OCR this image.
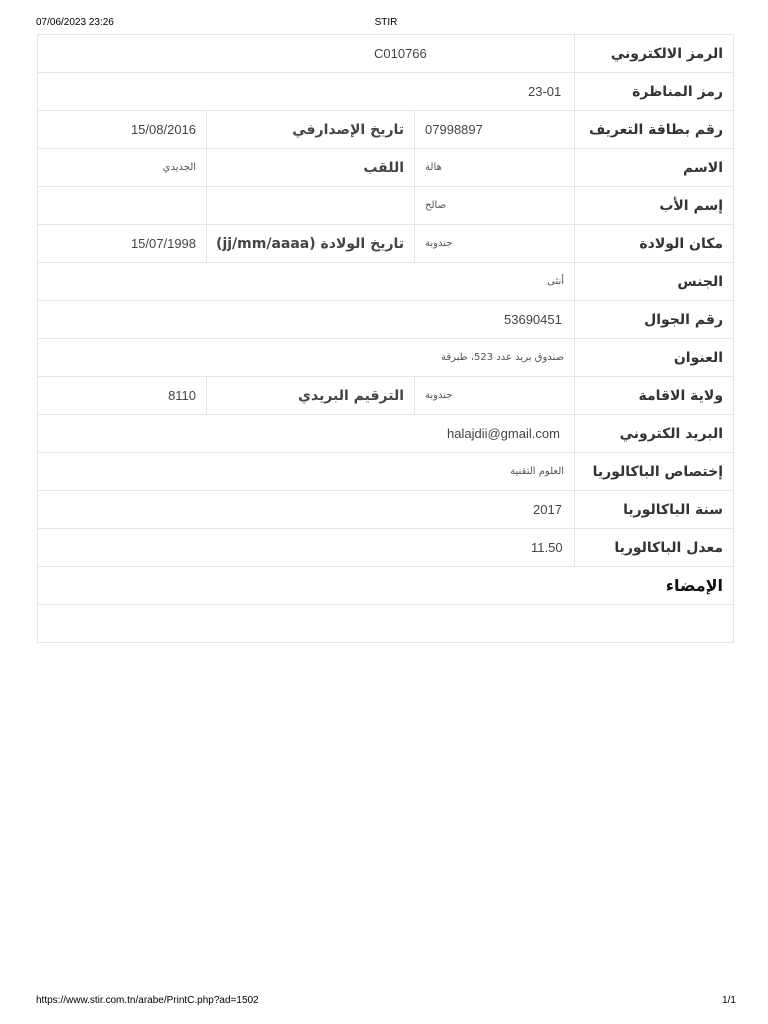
07/06/2023 23:26	STIR
الرمز الالكتروني	C010766		
رمز المناظرة	23-01		
رقم بطاقة التعريف	07998897	تاريخ الإصدارفي	15/08/2016
الاسم	هالة	اللقب	الجديدي
إسم الأب	صالح		
مكان الولادة	جندوبة	تاريخ الولادة (jj/mm/aaaa)	15/07/1998
الجنس	أنثى		
رقم الجوال	53690451		
العنوان	صندوق بريد عدد 523، طبرقة		
ولاية الاقامة	جندوبة	الترقيم البريدي	8110
البريد الكتروني	halajdii@gmail.com		
إختصاص الباكالوريا	العلوم التقنية		
سنة الباكالوريا	2017		
معدل الباكالوريا	11.50		
الإمضاء			

https://www.stir.com.tn/arabe/PrintC.php?ad=1502	1/1
